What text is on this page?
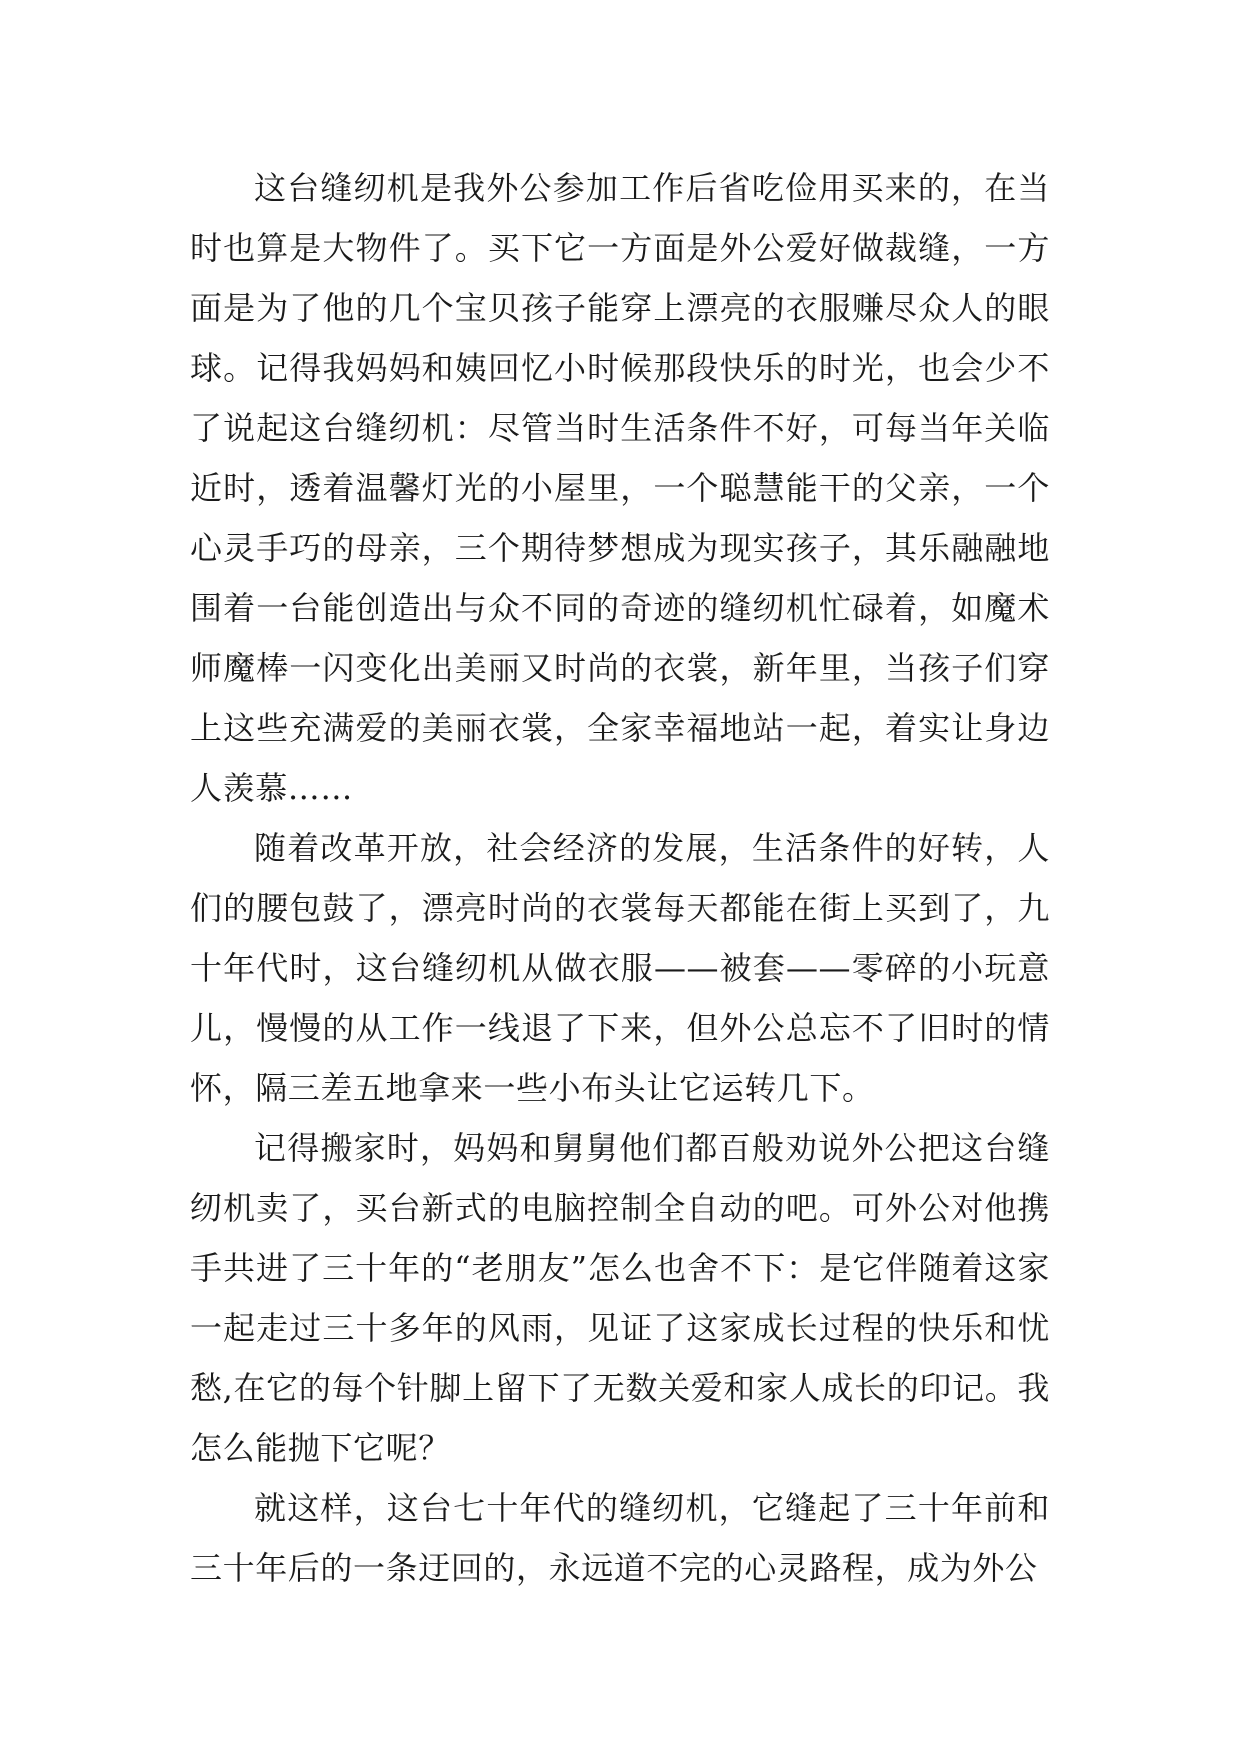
这台缝纫机是我外公参加工作后省吃俭用买来的，在当时也算是大物件了。买下它一方面是外公爱好做裁缝，一方面是为了他的几个宝贝孩子能穿上漂亮的衣服赚尽众人的眼球。记得我妈妈和姨回忆小时候那段快乐的时光，也会少不了说起这台缝纫机：尽管当时生活条件不好，可每当年关临近时，透着温馨灯光的小屋里，一个聪慧能干的父亲，一个心灵手巧的母亲，三个期待梦想成为现实孩子，其乐融融地围着一台能创造出与众不同的奇迹的缝纫机忙碌着，如魔术师魔棒一闪变化出美丽又时尚的衣裳，新年里，当孩子们穿上这些充满爱的美丽衣裳，全家幸福地站一起，着实让身边人羡慕……

随着改革开放，社会经济的发展，生活条件的好转，人们的腰包鼓了，漂亮时尚的衣裳每天都能在街上买到了，九十年代时，这台缝纫机从做衣服——被套——零碎的小玩意儿，慢慢的从工作一线退了下来，但外公总忘不了旧时的情怀，隔三差五地拿来一些小布头让它运转几下。

记得搬家时，妈妈和舅舅他们都百般劝说外公把这台缝纫机卖了，买台新式的电脑控制全自动的吧。可外公对他携手共进了三十年的“老朋友”怎么也舍不下：是它伴随着这家一起走过三十多年的风雨，见证了这家成长过程的快乐和忧愁,在它的每个针脚上留下了无数关爱和家人成长的印记。我怎么能抛下它呢？

就这样，这台七十年代的缝纫机，它缝起了三十年前和三十年后的一条迂回的，永远道不完的心灵路程，成为外公
